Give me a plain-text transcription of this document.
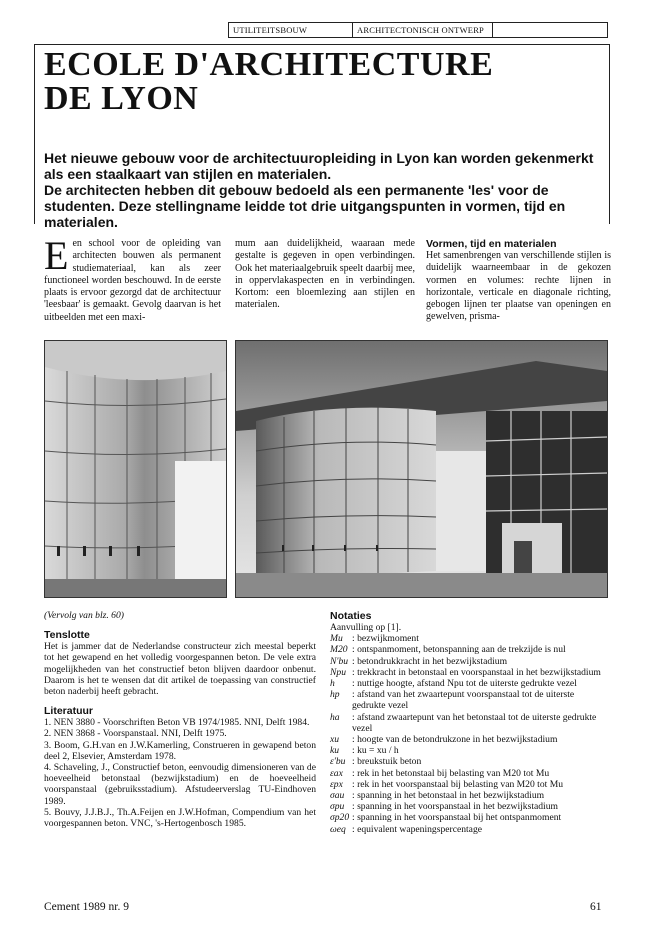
UTILITEITSBOUW	ARCHITECTONISCH ONTWERP
ECOLE D'ARCHITECTURE
DE LYON

Het nieuwe gebouw voor de architectuuropleiding in Lyon kan worden gekenmerkt als een staalkaart van stijlen en materialen.

De architecten hebben dit gebouw bedoeld als een permanente 'les' voor de studenten. Deze stellingname leidde tot drie uitgangspunten in vormen, tijd en materialen.

Een school voor de opleiding van architecten bouwen als permanent studiemateriaal, kan als zeer functioneel worden beschouwd. In de eerste plaats is ervoor gezorgd dat de architectuur 'leesbaar' is gemaakt. Gevolg daarvan is het uitbeelden met een maxi-
mum aan duidelijkheid, waaraan mede gestalte is gegeven in open verbindingen. Ook het materiaalgebruik speelt daarbij mee, in oppervlakaspecten en in verbindingen. Kortom: een bloemlezing aan stijlen en materialen.
Vormen, tijd en materialen
Het samenbrengen van verschillende stijlen is duidelijk waarneembaar in de gekozen vormen en volumes: rechte lijnen in horizontale, verticale en diagonale richting, gebogen lijnen ter plaatse van openingen en gewelven, prisma-

(Vervolg van blz. 60)

Tenslotte

Het is jammer dat de Nederlandse constructeur zich meestal beperkt tot het gewapend en het volledig voorgespannen beton. De vele extra mogelijkheden van het constructief beton blijven daardoor onbenut. Daarom is het te wensen dat dit artikel de toepassing van constructief beton naderbij heeft gebracht.

Literatuur

1. NEN 3880 - Voorschriften Beton VB 1974/1985. NNI, Delft 1984.

2. NEN 3868 - Voorspanstaal. NNI, Delft 1975.

3. Boom, G.H.van en J.W.Kamerling, Construeren in gewapend beton deel 2, Elsevier, Amsterdam 1978.

4. Schaveling, J., Constructief beton, eenvoudig dimensioneren van de hoeveelheid betonstaal (bezwijkstadium) en de hoeveelheid voorspanstaal (gebruiksstadium). Afstudeerverslag TU-Eindhoven 1989.

5. Bouvy, J.J.B.J., Th.A.Feijen en J.W.Hofman, Compendium van het voorgespannen beton. VNC, 's-Hertogenbosch 1985.

Notaties
Aanvulling op [1].
Mu : bezwijkmoment
M20 : ontspanmoment, betonspanning aan de trekzijde is nul
N'bu : betondrukkracht in het bezwijkstadium
Npu : trekkracht in betonstaal en voorspanstaal in het bezwijkstadium
h	: nuttige hoogte, afstand Npu tot de uiterste gedrukte vezel
hp	: afstand van het zwaartepunt voorspanstaal tot de uiterste gedrukte vezel
ha	: afstand zwaartepunt van het betonstaal tot de uiterste gedrukte vezel
xu	: hoogte van de betondrukzone in het bezwijkstadium
ku	: ku = xu / h
ε'bu : breukstuik beton
εax : rek in het betonstaal bij belasting van M20 tot Mu
εpx : rek in het voorspanstaal bij belasting van M20 tot Mu
σau : spanning in het betonstaal in het bezwijkstadium
σpu : spanning in het voorspanstaal in het bezwijkstadium
σp20 : spanning in het voorspanstaal bij het ontspanmoment
ωeq : equivalent wapeningspercentage
Cement 1989 nr. 9	61
